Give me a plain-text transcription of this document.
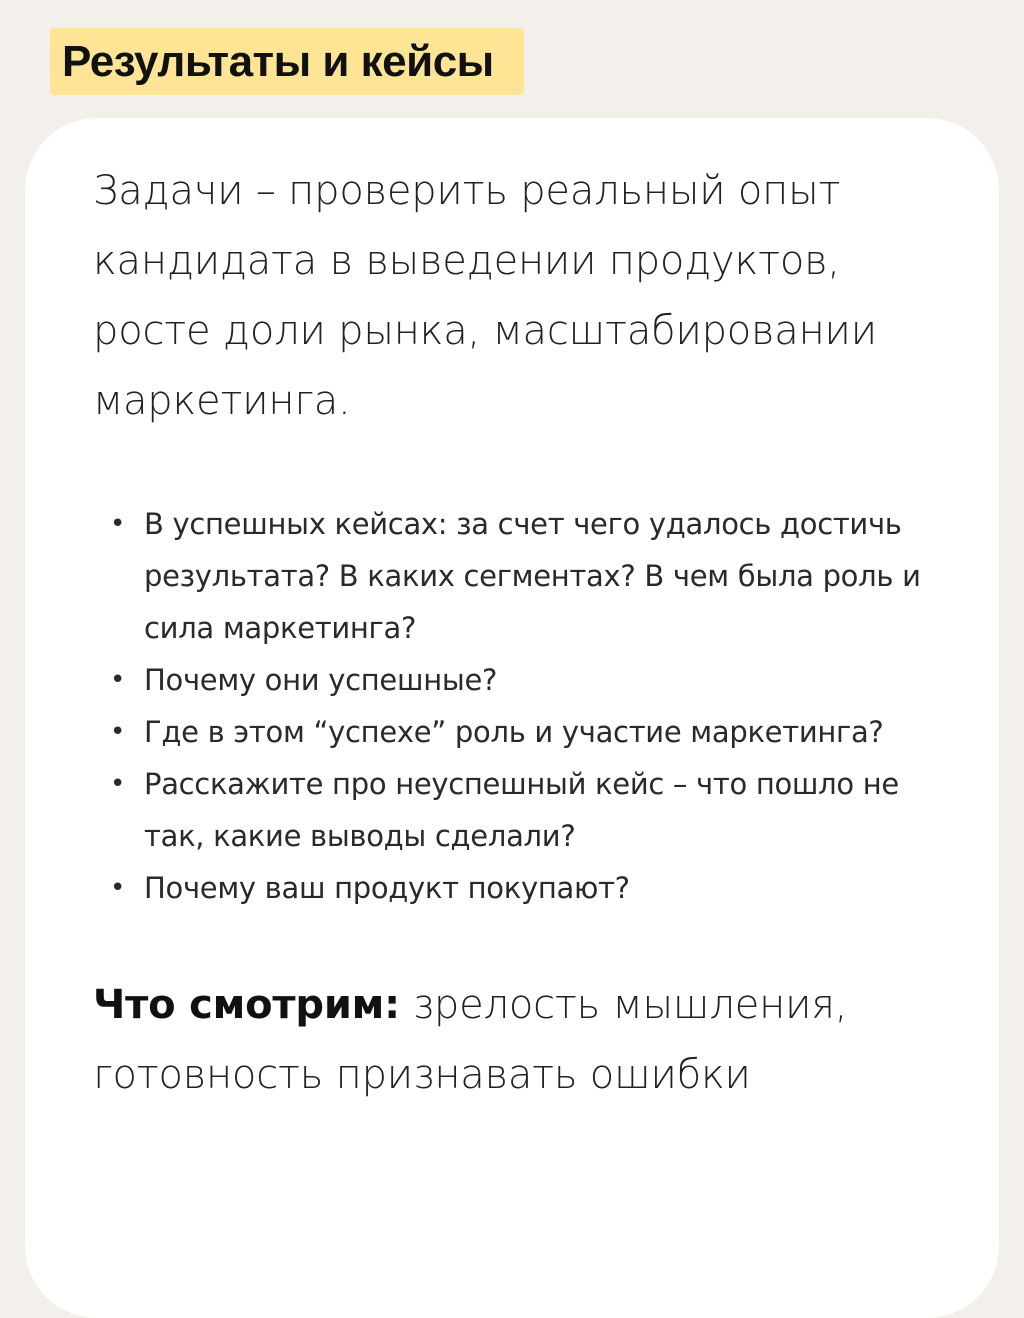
Результаты и кейсы

Задачи – проверить реальный опыт кандидата в выведении продуктов, росте доли рынка, масштабировании маркетинга.

• В успешных кейсах: за счет чего удалось достичь результата? В каких сегментах? В чем была роль и сила маркетинга?
• Почему они успешные?
• Где в этом “успехе” роль и участие маркетинга?
• Расскажите про неуспешный кейс – что пошло не так, какие выводы сделали?
• Почему ваш продукт покупают?

Что смотрим: зрелость мышления, готовность признавать ошибки
